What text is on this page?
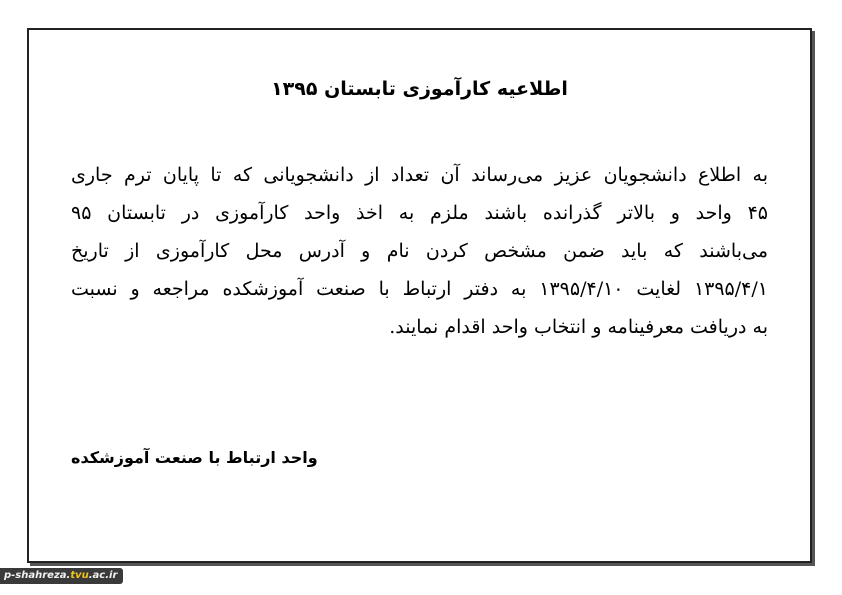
اطلاعیه کارآموزی تابستان ۱۳۹۵

به اطلاع دانشجویان عزیز می‌رساند آن تعداد از دانشجویانی که تا پایان ترم جاری
۴۵ واحد و بالاتر گذرانده باشند ملزم به اخذ واحد کارآموزی در تابستان ۹۵
می‌باشند که باید ضمن مشخص کردن نام و آدرس محل کارآموزی از تاریخ
۱۳۹۵/۴/۱ لغایت ۱۳۹۵/۴/۱۰ به دفتر ارتباط با صنعت آموزشکده مراجعه و نسبت
به دریافت معرفینامه و انتخاب واحد اقدام نمایند.

واحد ارتباط با صنعت آموزشکده

p-shahreza.tvu.ac.ir
